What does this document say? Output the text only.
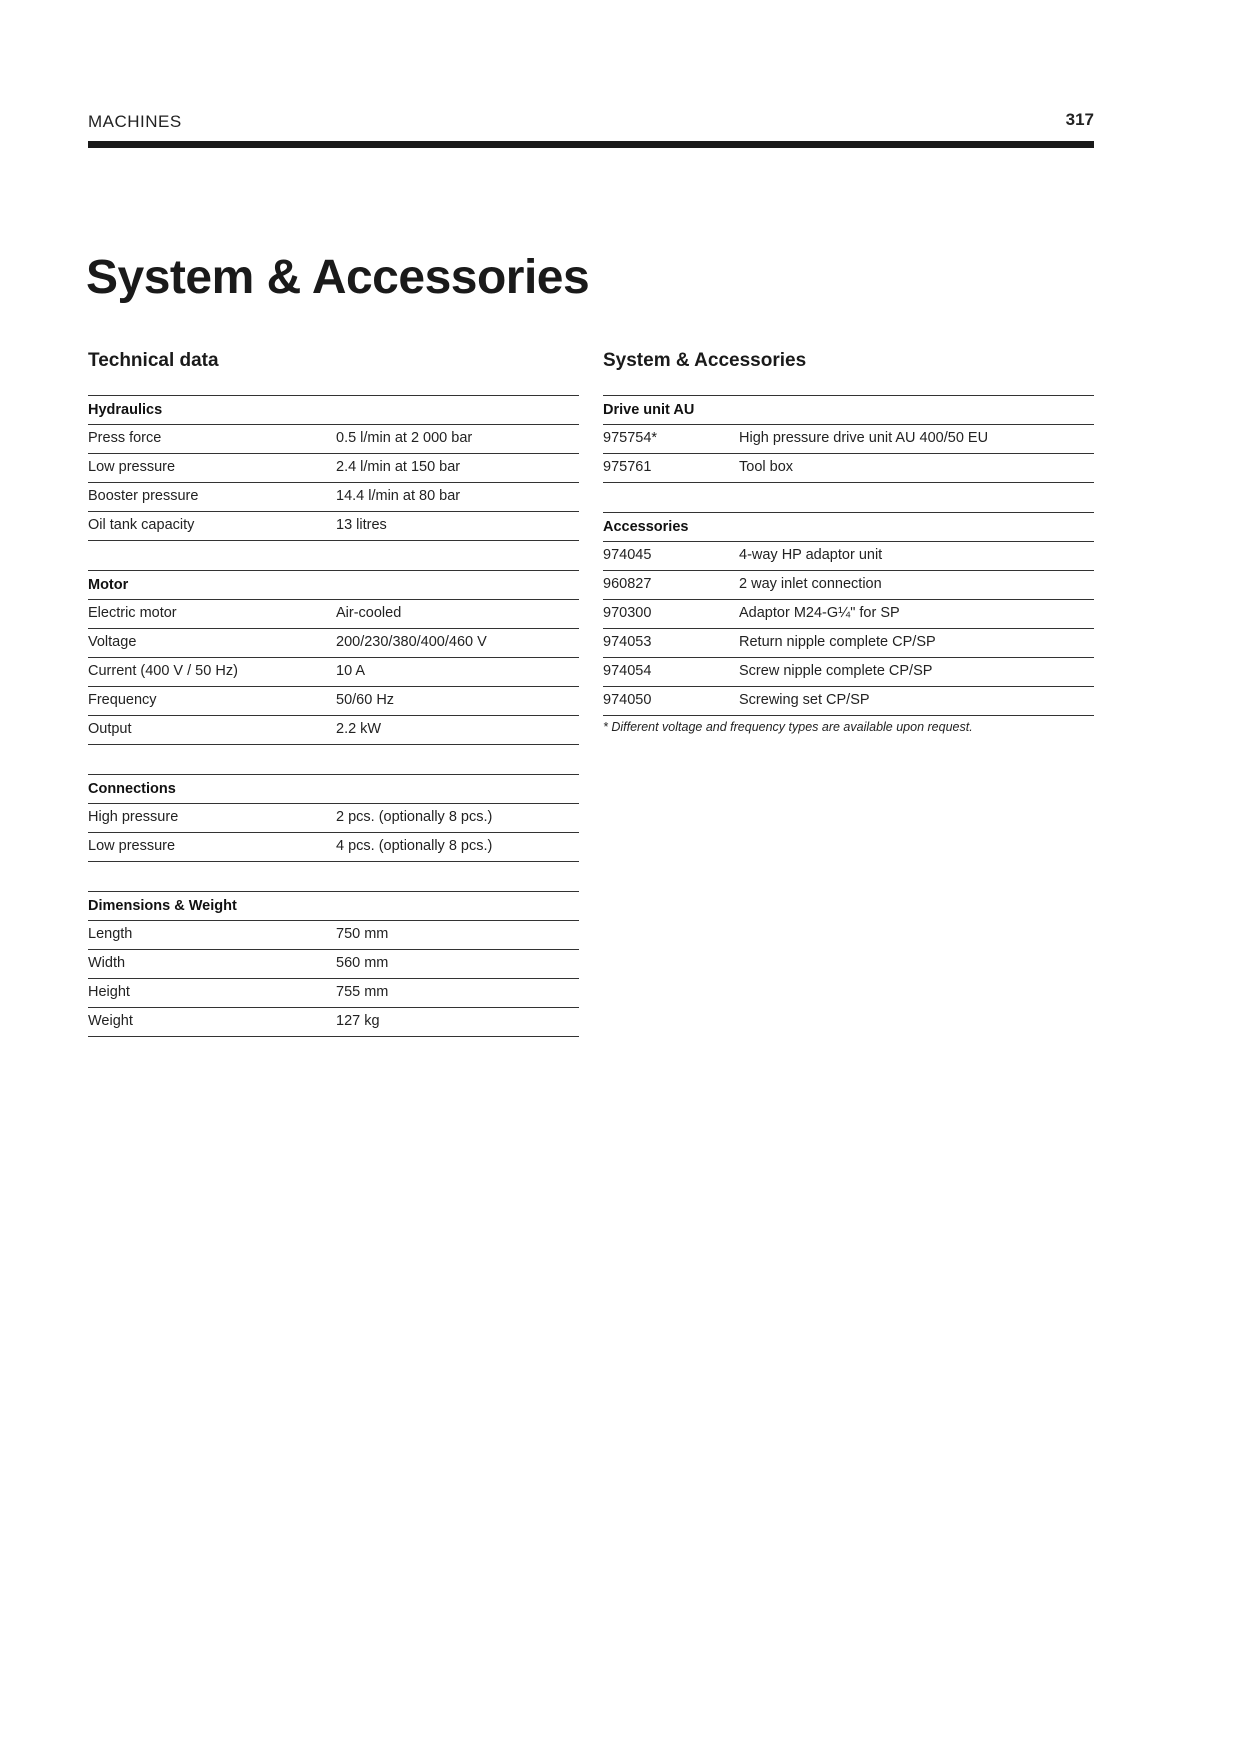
MACHINES	317
System & Accessories
Technical data
Hydraulics
Press force	0.5 l/min at 2 000 bar
Low pressure	2.4 l/min at 150 bar
Booster pressure	14.4 l/min at 80 bar
Oil tank capacity	13 litres
Motor
Electric motor	Air-cooled
Voltage	200/230/380/400/460 V
Current (400 V / 50 Hz)	10 A
Frequency	50/60 Hz
Output	2.2 kW
Connections
High pressure	2 pcs. (optionally 8 pcs.)
Low pressure	4 pcs. (optionally 8 pcs.)
Dimensions & Weight
Length	750 mm
Width	560 mm
Height	755 mm
Weight	127 kg
System & Accessories
Drive unit AU
975754*	High pressure drive unit AU 400/50 EU
975761	Tool box
Accessories
974045	4-way HP adaptor unit
960827	2 way inlet connection
970300	Adaptor M24-G¼" for SP
974053	Return nipple complete CP/SP
974054	Screw nipple complete CP/SP
974050	Screwing set CP/SP
* Different voltage and frequency types are available upon request.
